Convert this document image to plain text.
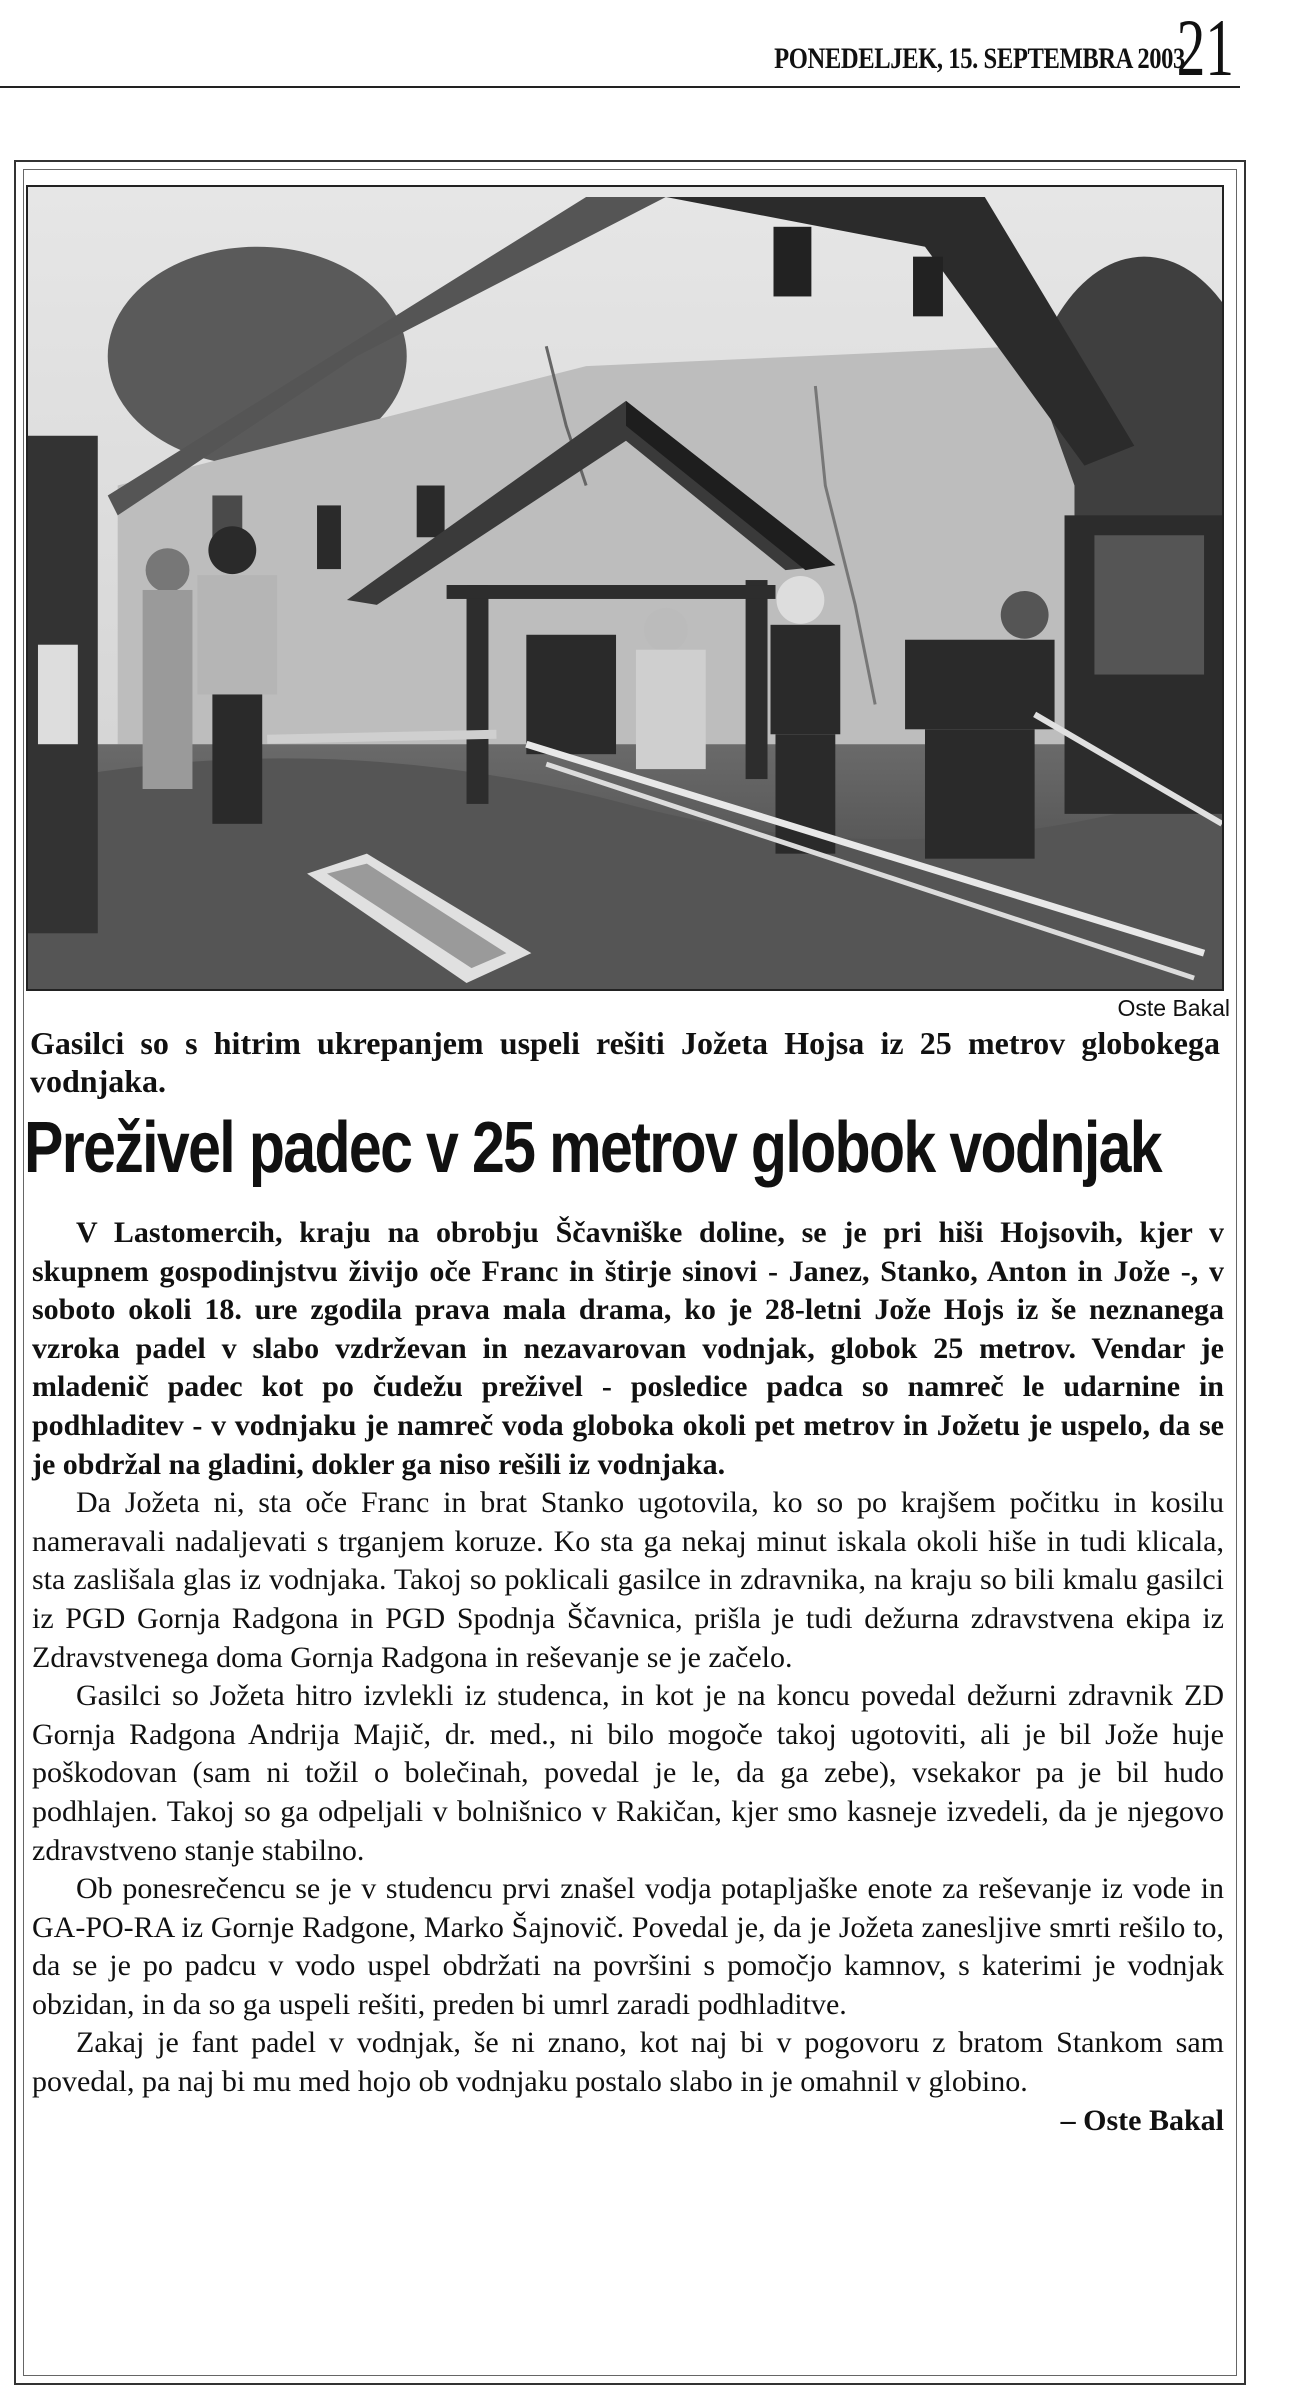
PONEDELJEK, 15. SEPTEMBRA 2003
21
Oste Bakal
Gasilci so s hitrim ukrepanjem uspeli rešiti Jožeta Hojsa iz 25 metrov globokega vodnjaka.
Preživel padec v 25 metrov globok vodnjak

V Lastomercih, kraju na obrobju Ščavniške doline, se je pri hiši Hojsovih, kjer v skupnem gospodinjstvu živijo oče Franc in štirje sinovi - Janez, Stanko, Anton in Jože -, v soboto okoli 18. ure zgodila prava mala drama, ko je 28-letni Jože Hojs iz še neznanega vzroka padel v slabo vzdrževan in nezavarovan vodnjak, globok 25 metrov. Vendar je mladenič padec kot po čudežu preživel - posledice padca so namreč le udarnine in podhladitev - v vodnjaku je namreč voda globoka okoli pet metrov in Jožetu je uspelo, da se je obdržal na gladini, dokler ga niso rešili iz vodnjaka.

Da Jožeta ni, sta oče Franc in brat Stanko ugotovila, ko so po krajšem počitku in kosilu nameravali nadaljevati s trganjem koruze. Ko sta ga nekaj minut iskala okoli hiše in tudi klicala, sta zaslišala glas iz vodnjaka. Takoj so poklicali gasilce in zdravnika, na kraju so bili kmalu gasilci iz PGD Gornja Radgona in PGD Spodnja Ščavnica, prišla je tudi dežurna zdravstvena ekipa iz Zdravstvenega doma Gornja Radgona in reševanje se je začelo.

Gasilci so Jožeta hitro izvlekli iz studenca, in kot je na koncu povedal dežurni zdravnik ZD Gornja Radgona Andrija Majič, dr. med., ni bilo mogoče takoj ugotoviti, ali je bil Jože huje poškodovan (sam ni tožil o bolečinah, povedal je le, da ga zebe), vsekakor pa je bil hudo podhlajen. Takoj so ga odpeljali v bolnišnico v Rakičan, kjer smo kasneje izvedeli, da je njegovo zdravstveno stanje stabilno.

Ob ponesrečencu se je v studencu prvi znašel vodja potapljaške enote za reševanje iz vode in GA-PO-RA iz Gornje Radgone, Marko Šajnovič. Povedal je, da je Jožeta zanesljive smrti rešilo to, da se je po padcu v vodo uspel obdržati na površini s pomočjo kamnov, s katerimi je vodnjak obzidan, in da so ga uspeli rešiti, preden bi umrl zaradi podhladitve.

Zakaj je fant padel v vodnjak, še ni znano, kot naj bi v pogovoru z bratom Stankom sam povedal, pa naj bi mu med hojo ob vodnjaku postalo slabo in je omahnil v globino.
– Oste Bakal
